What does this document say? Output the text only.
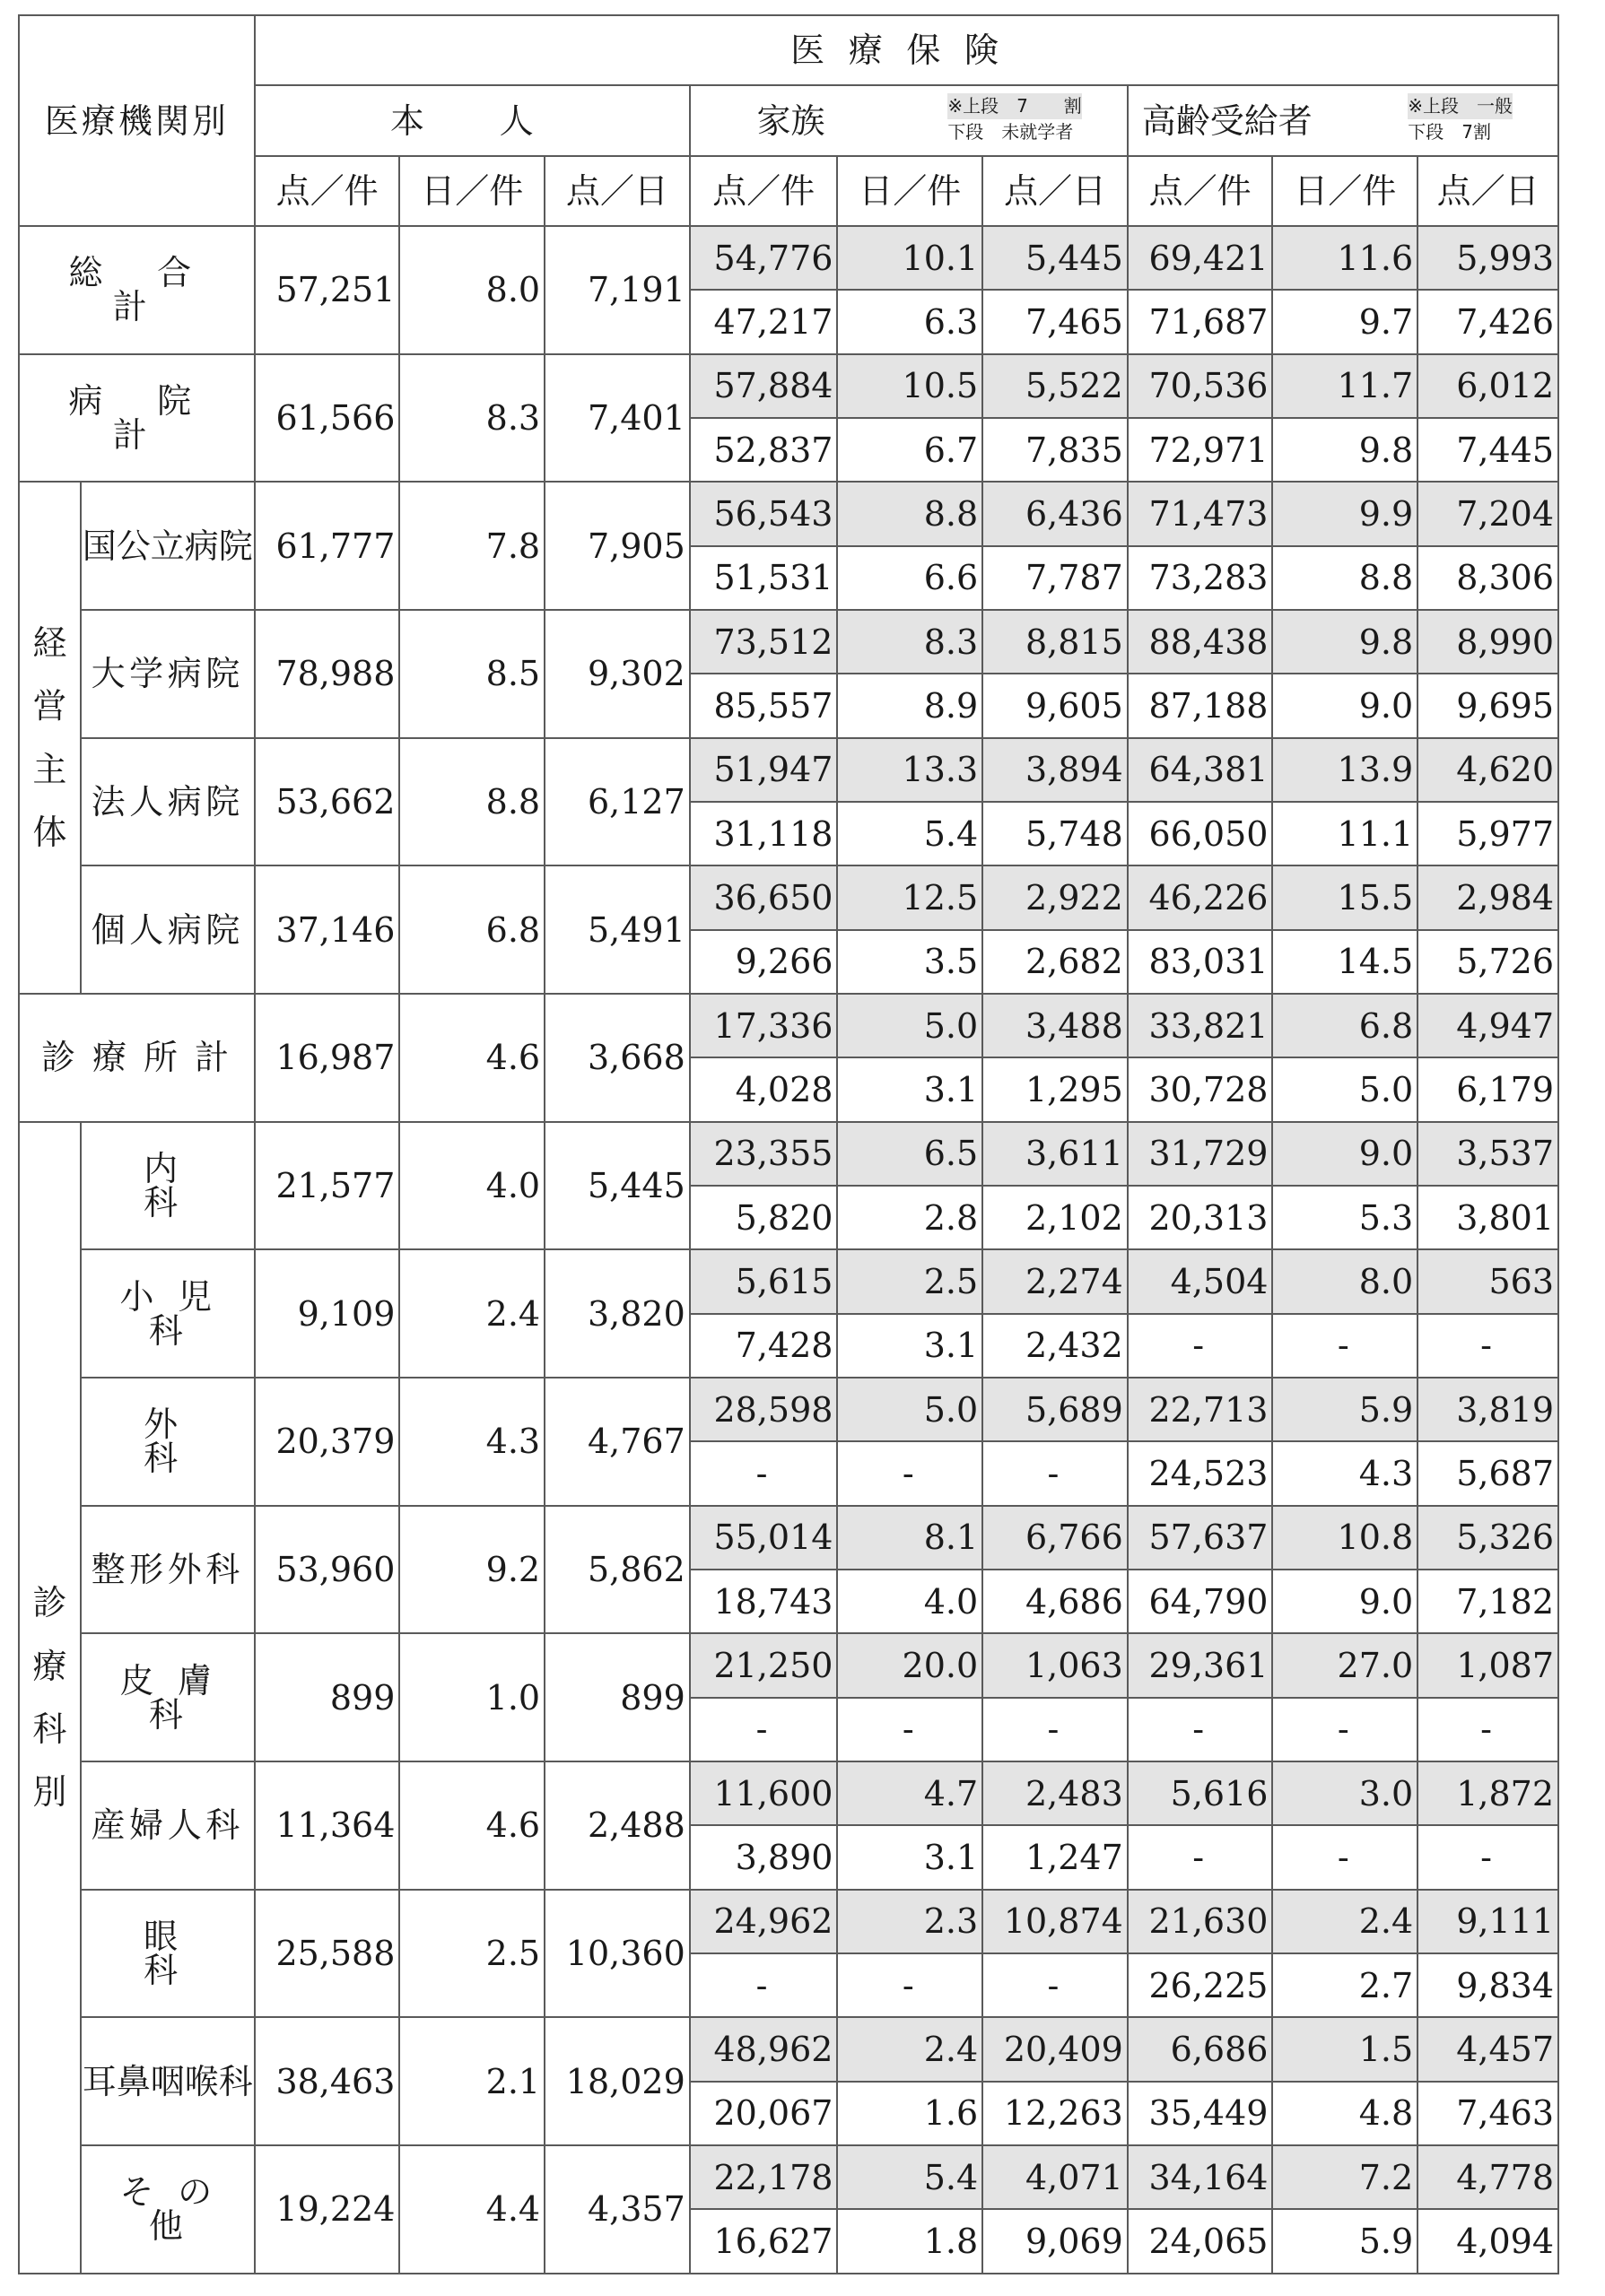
医療機関別		医療保険								
		本人			家族 ※上段　7　　割
下段　未就学者			高齢受給者 ※上段　一般
下段　7割		

		点／件	日／件	点／日	点／件	日／件	点／日	点／件	日／件	点／日
総合計		57,251	8.0	7,191	54,776	10.1	5,445	69,421	11.6	5,993
					47,217	6.3	7,465	71,687	9.7	7,426
病院計		61,566	8.3	7,401	57,884	10.5	5,522	70,536	11.7	6,012
					52,837	6.7	7,835	72,971	9.8	7,445

経
営
主
体	国公立病院	61,777	7.8	7,905	56,543	8.8	6,436	71,473	9.9	7,204
					51,531	6.6	7,787	73,283	8.8	8,306
	大学病院	78,988	8.5	9,302	73,512	8.3	8,815	88,438	9.8	8,990
					85,557	8.9	9,605	87,188	9.0	9,695
	法人病院	53,662	8.8	6,127	51,947	13.3	3,894	64,381	13.9	4,620
					31,118	5.4	5,748	66,050	11.1	5,977
	個人病院	37,146	6.8	5,491	36,650	12.5	2,922	46,226	15.5	2,984
					9,266	3.5	2,682	83,031	14.5	5,726
診療所計		16,987	4.6	3,668	17,336	5.0	3,488	33,821	6.8	4,947
					4,028	3.1	1,295	30,728	5.0	6,179

診
療
科
別	内科	21,577	4.0	5,445	23,355	6.5	3,611	31,729	9.0	3,537
					5,820	2.8	2,102	20,313	5.3	3,801
	小児科	9,109	2.4	3,820	5,615	2.5	2,274	4,504	8.0	563
					7,428	3.1	2,432	-	-	-
	外科	20,379	4.3	4,767	28,598	5.0	5,689	22,713	5.9	3,819
					-	-	-	24,523	4.3	5,687
	整形外科	53,960	9.2	5,862	55,014	8.1	6,766	57,637	10.8	5,326
					18,743	4.0	4,686	64,790	9.0	7,182
	皮膚科	899	1.0	899	21,250	20.0	1,063	29,361	27.0	1,087
					-	-	-	-	-	-
	産婦人科	11,364	4.6	2,488	11,600	4.7	2,483	5,616	3.0	1,872
					3,890	3.1	1,247	-	-	-
	眼科	25,588	2.5	10,360	24,962	2.3	10,874	21,630	2.4	9,111
					-	-	-	26,225	2.7	9,834
	耳鼻咽喉科	38,463	2.1	18,029	48,962	2.4	20,409	6,686	1.5	4,457
					20,067	1.6	12,263	35,449	4.8	7,463
	その他	19,224	4.4	4,357	22,178	5.4	4,071	34,164	7.2	4,778
					16,627	1.8	9,069	24,065	5.9	4,094
